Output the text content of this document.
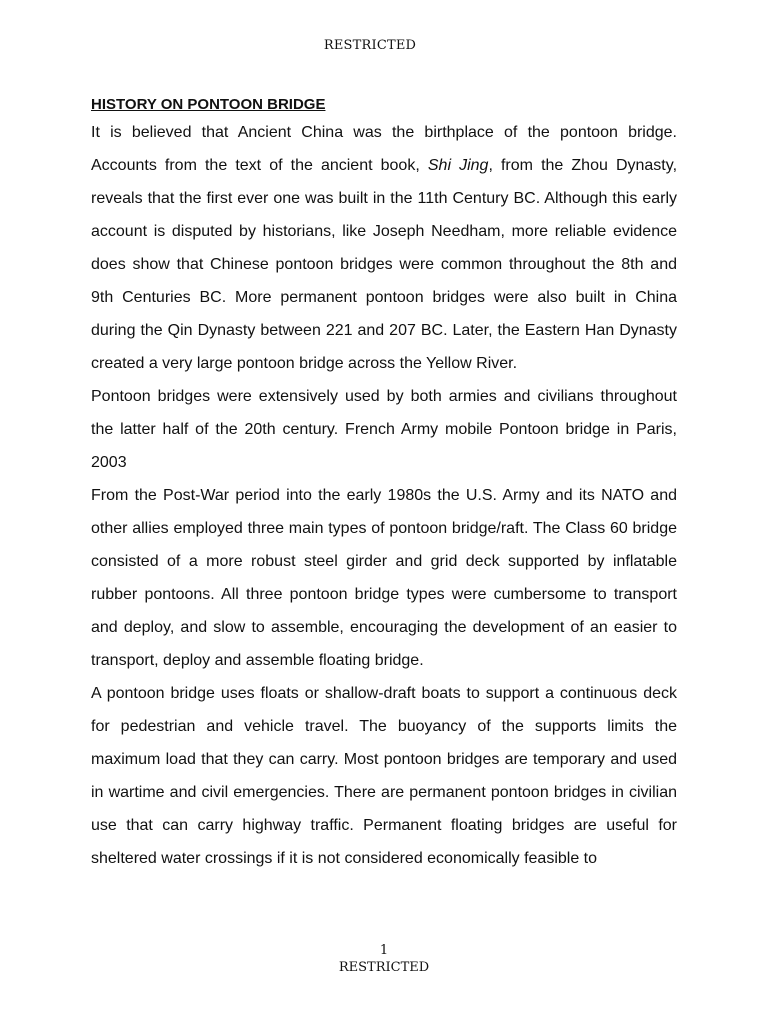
RESTRICTED
HISTORY ON PONTOON BRIDGE

It is believed that Ancient China was the birthplace of the pontoon bridge. Accounts from the text of the ancient book, Shi Jing, from the Zhou Dynasty, reveals that the first ever one was built in the 11th Century BC. Although this early account is disputed by historians, like Joseph Needham, more reliable evidence does show that Chinese pontoon bridges were common throughout the 8th and 9th Centuries BC. More permanent pontoon bridges were also built in China during the Qin Dynasty between 221 and 207 BC. Later, the Eastern Han Dynasty created a very large pontoon bridge across the Yellow River.

Pontoon bridges were extensively used by both armies and civilians throughout the latter half of the 20th century. French Army mobile Pontoon bridge in Paris, 2003

From the Post-War period into the early 1980s the U.S. Army and its NATO and other allies employed three main types of pontoon bridge/raft. The Class 60 bridge consisted of a more robust steel girder and grid deck supported by inflatable rubber pontoons. All three pontoon bridge types were cumbersome to transport and deploy, and slow to assemble, encouraging the development of an easier to transport, deploy and assemble floating bridge.

A pontoon bridge uses floats or shallow-draft boats to support a continuous deck for pedestrian and vehicle travel. The buoyancy of the supports limits the maximum load that they can carry. Most pontoon bridges are temporary and used in wartime and civil emergencies. There are permanent pontoon bridges in civilian use that can carry highway traffic. Permanent floating bridges are useful for sheltered water crossings if it is not considered economically feasible to

1
RESTRICTED
